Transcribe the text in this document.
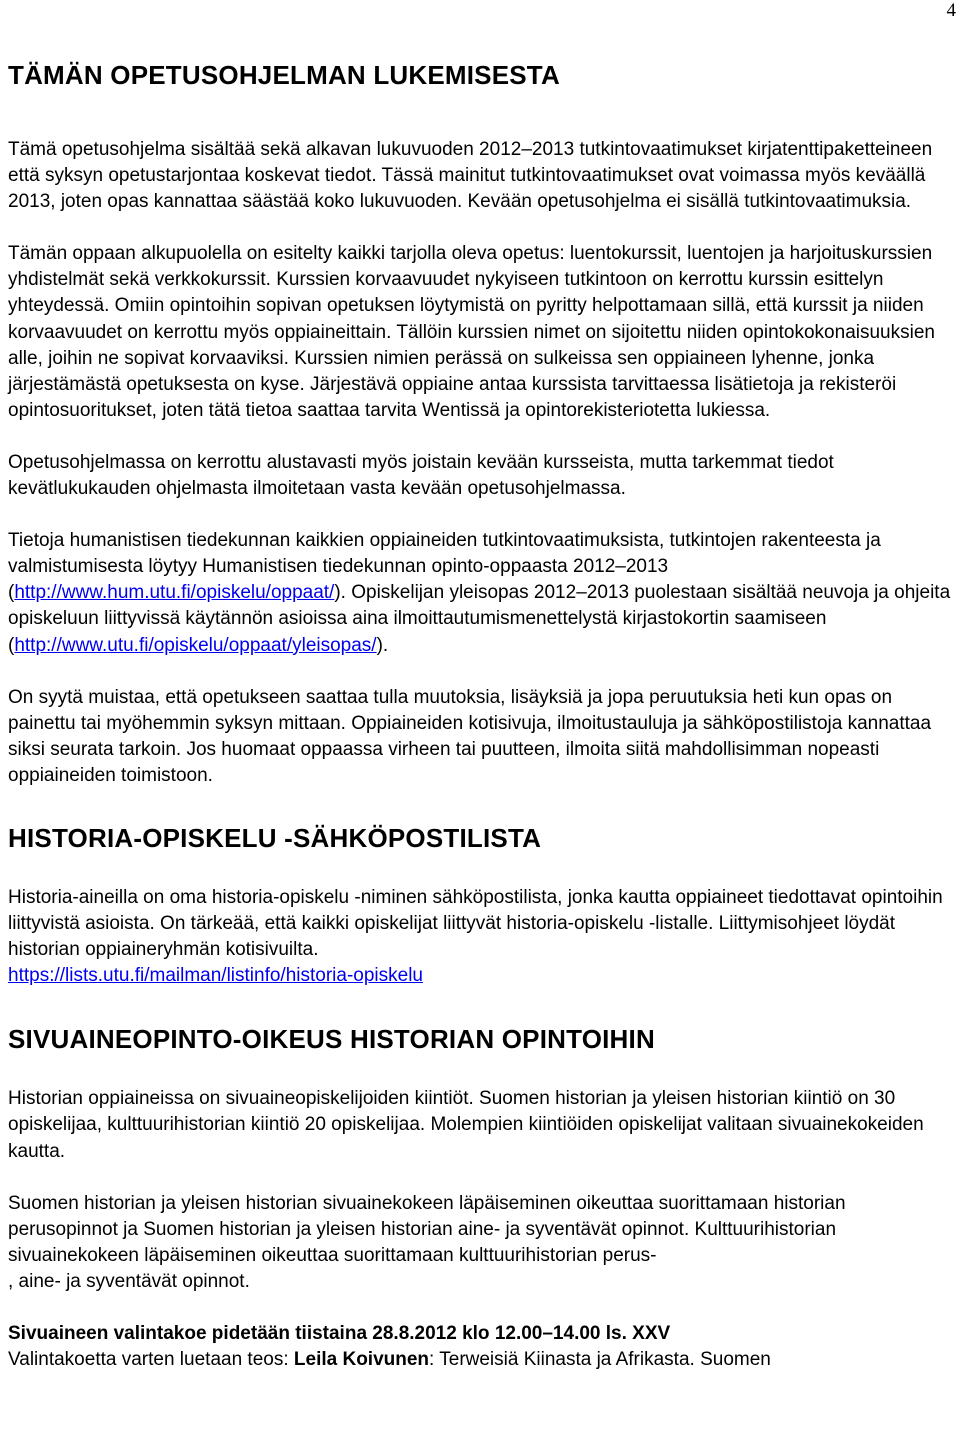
4
TÄMÄN OPETUSOHJELMAN LUKEMISESTA

Tämä opetusohjelma sisältää sekä alkavan lukuvuoden 2012–2013 tutkintovaatimukset kirjatenttipaketteineen että syksyn opetustarjontaa koskevat tiedot. Tässä mainitut tutkintovaatimukset ovat voimassa myös keväällä 2013, joten opas kannattaa säästää koko lukuvuoden. Kevään opetusohjelma ei sisällä tutkintovaatimuksia.

Tämän oppaan alkupuolella on esitelty kaikki tarjolla oleva opetus: luentokurssit, luentojen ja harjoituskurssien yhdistelmät sekä verkkokurssit. Kurssien korvaavuudet nykyiseen tutkintoon on kerrottu kurssin esittelyn yhteydessä. Omiin opintoihin sopivan opetuksen löytymistä on pyritty helpottamaan sillä, että kurssit ja niiden korvaavuudet on kerrottu myös oppiaineittain. Tällöin kurssien nimet on sijoitettu niiden opintokokonaisuuksien alle, joihin ne sopivat korvaaviksi. Kurssien nimien perässä on sulkeissa sen oppiaineen lyhenne, jonka järjestämästä opetuksesta on kyse. Järjestävä oppiaine antaa kurssista tarvittaessa lisätietoja ja rekisteröi opintosuoritukset, joten tätä tietoa saattaa tarvita Wentissä ja opintorekisteriotetta lukiessa.

Opetusohjelmassa on kerrottu alustavasti myös joistain kevään kursseista, mutta tarkemmat tiedot kevätlukukauden ohjelmasta ilmoitetaan vasta kevään opetusohjelmassa.

Tietoja humanistisen tiedekunnan kaikkien oppiaineiden tutkintovaatimuksista, tutkintojen rakenteesta ja valmistumisesta löytyy Humanistisen tiedekunnan opinto-oppaasta 2012–2013 (http://www.hum.utu.fi/opiskelu/oppaat/). Opiskelijan yleisopas 2012–2013 puolestaan sisältää neuvoja ja ohjeita opiskeluun liittyvissä käytännön asioissa aina ilmoittautumismenettelystä kirjastokortin saamiseen (http://www.utu.fi/opiskelu/oppaat/yleisopas/).

On syytä muistaa, että opetukseen saattaa tulla muutoksia, lisäyksiä ja jopa peruutuksia heti kun opas on painettu tai myöhemmin syksyn mittaan. Oppiaineiden kotisivuja, ilmoitustauluja ja sähköpostilistoja kannattaa siksi seurata tarkoin. Jos huomaat oppaassa virheen tai puutteen, ilmoita siitä mahdollisimman nopeasti oppiaineiden toimistoon.

HISTORIA-OPISKELU -SÄHKÖPOSTILISTA

Historia-aineilla on oma historia-opiskelu -niminen sähköpostilista, jonka kautta oppiaineet tiedottavat opintoihin liittyvistä asioista. On tärkeää, että kaikki opiskelijat liittyvät historia-opiskelu -listalle. Liittymisohjeet löydät historian oppiaineryhmän kotisivuilta.
https://lists.utu.fi/mailman/listinfo/historia-opiskelu

SIVUAINEOPINTO-OIKEUS HISTORIAN OPINTOIHIN

Historian oppiaineissa on sivuaineopiskelijoiden kiintiöt. Suomen historian ja yleisen historian kiintiö on 30 opiskelijaa, kulttuurihistorian kiintiö 20 opiskelijaa. Molempien kiintiöiden opiskelijat valitaan sivuainekokeiden kautta.

Suomen historian ja yleisen historian sivuainekokeen läpäiseminen oikeuttaa suorittamaan historian perusopinnot ja Suomen historian ja yleisen historian aine- ja syventävät opinnot. Kulttuurihistorian sivuainekokeen läpäiseminen oikeuttaa suorittamaan kulttuurihistorian perus-
, aine- ja syventävät opinnot.

Sivuaineen valintakoe pidetään tiistaina 28.8.2012 klo 12.00–14.00 ls. XXV

Valintakoetta varten luetaan teos: Leila Koivunen: Terweisiä Kiinasta ja Afrikasta. Suomen
